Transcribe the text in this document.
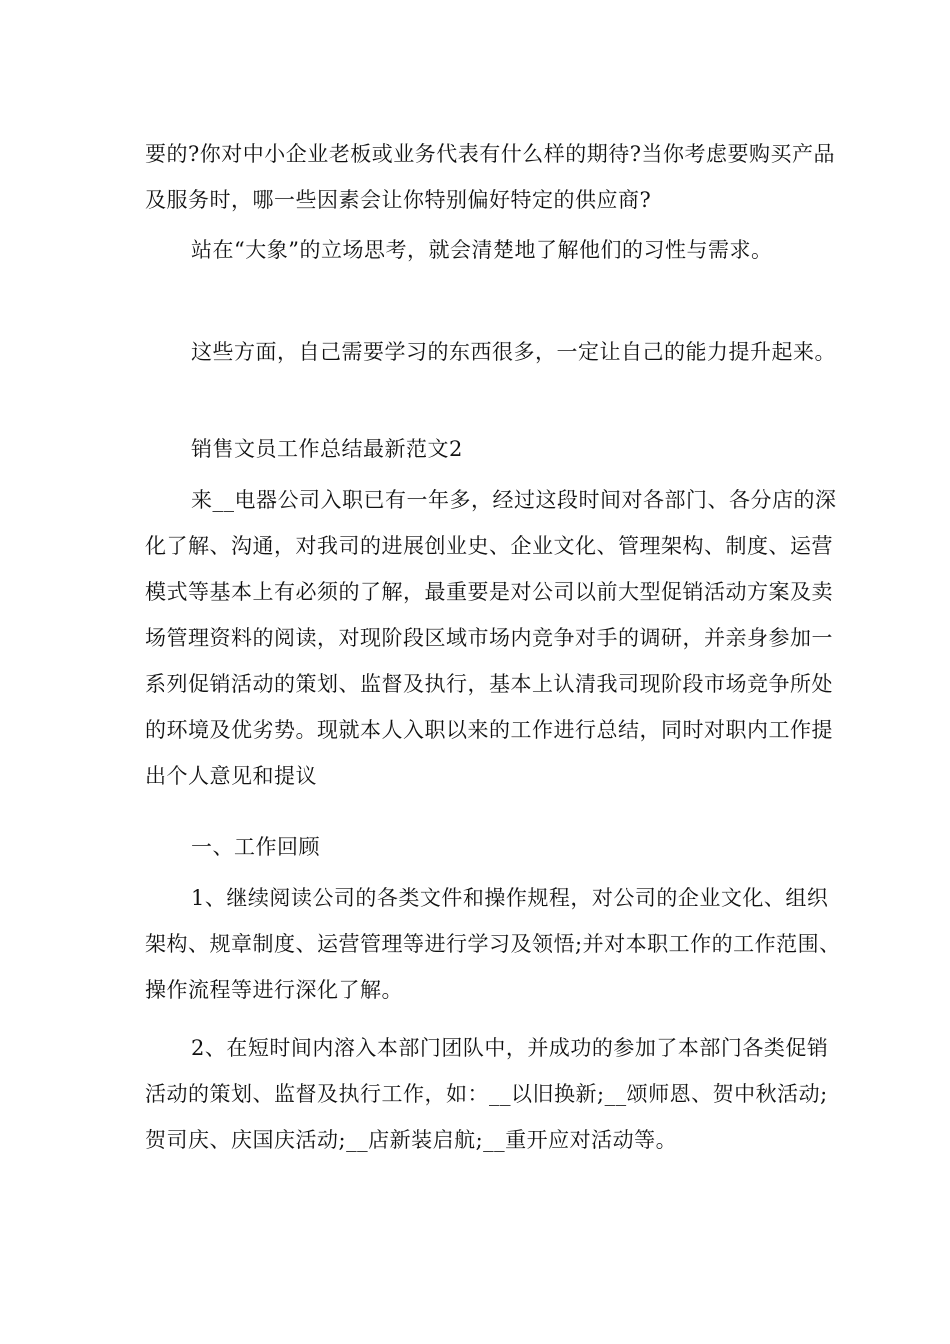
要的?你对中小企业老板或业务代表有什么样的期待?当你考虑要购买产品及服务时，哪一些因素会让你特别偏好特定的供应商?

站在“大象”的立场思考，就会清楚地了解他们的习性与需求。

这些方面，自己需要学习的东西很多，一定让自己的能力提升起来。

销售文员工作总结最新范文2

来__电器公司入职已有一年多，经过这段时间对各部门、各分店的深化了解、沟通，对我司的进展创业史、企业文化、管理架构、制度、运营模式等基本上有必须的了解，最重要是对公司以前大型促销活动方案及卖场管理资料的阅读，对现阶段区域市场内竞争对手的调研，并亲身参加一系列促销活动的策划、监督及执行，基本上认清我司现阶段市场竞争所处的环境及优劣势。现就本人入职以来的工作进行总结，同时对职内工作提出个人意见和提议

一、工作回顾

1、继续阅读公司的各类文件和操作规程，对公司的企业文化、组织架构、规章制度、运营管理等进行学习及领悟;并对本职工作的工作范围、操作流程等进行深化了解。

2、在短时间内溶入本部门团队中，并成功的参加了本部门各类促销活动的策划、监督及执行工作，如：__以旧换新;__颂师恩、贺中秋活动;贺司庆、庆国庆活动;__店新装启航;__重开应对活动等。
